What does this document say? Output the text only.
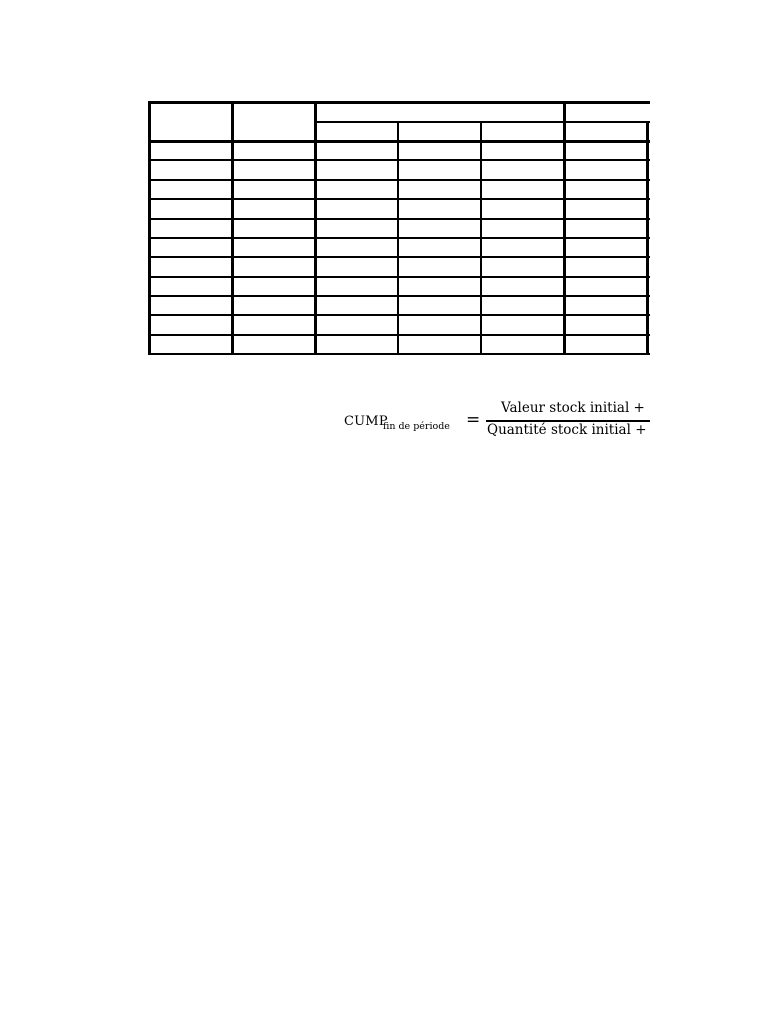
CUMP
fin de période =
Valeur stock initial +
Quantité stock initial +
